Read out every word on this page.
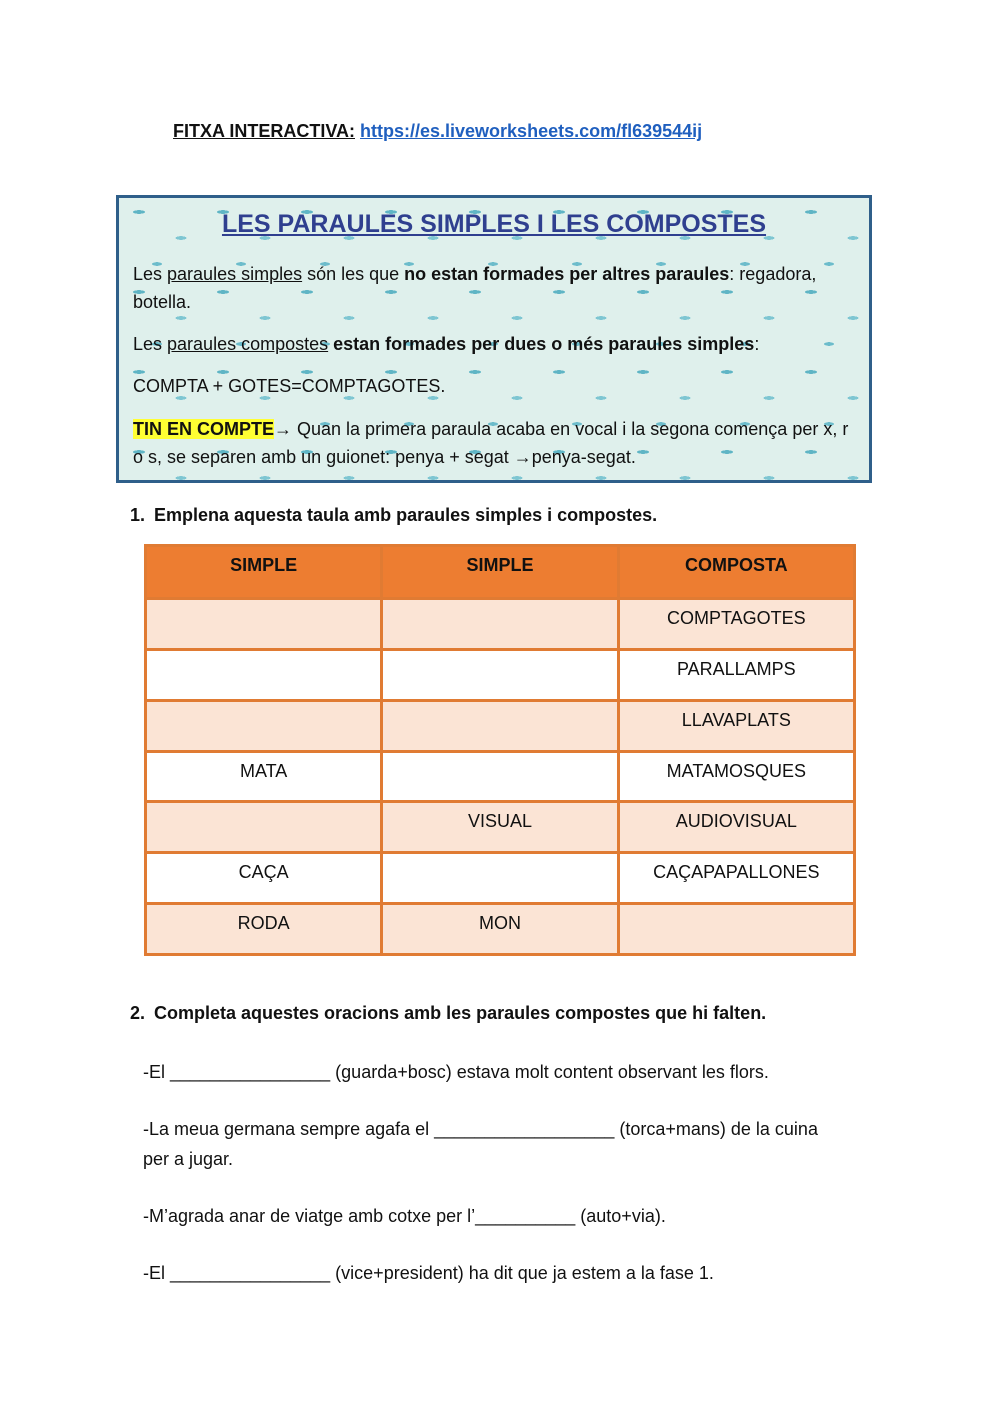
FITXA INTERACTIVA: https://es.liveworksheets.com/fl639544ij
LES PARAULES SIMPLES I LES COMPOSTES

Les paraules simples són les que no estan formades per altres paraules: regadora, botella.

Les paraules compostes estan formades per dues o més paraules simples:

COMPTA + GOTES=COMPTAGOTES.

TIN EN COMPTE→ Quan la primera paraula acaba en vocal i la segona comença per x, r o s, se separen amb un guionet: penya + segat →penya-segat.

1. Emplena aquesta taula amb paraules simples i compostes.
SIMPLE	SIMPLE	COMPOSTA
		COMPTAGOTES
		PARALLAMPS
		LLAVAPLATS
MATA		MATAMOSQUES
	VISUAL	AUDIOVISUAL
CAÇA		CAÇAPAPALLONES
RODA	MON	
2. Completa aquestes oracions amb les paraules compostes que hi falten.
-El ________________ (guarda+bosc) estava molt content observant les flors.
-La meua germana sempre agafa el __________________ (torca+mans) de la cuina per a jugar.
-M’agrada anar de viatge amb cotxe per l’__________ (auto+via).
-El ________________ (vice+president) ha dit que ja estem a la fase 1.
